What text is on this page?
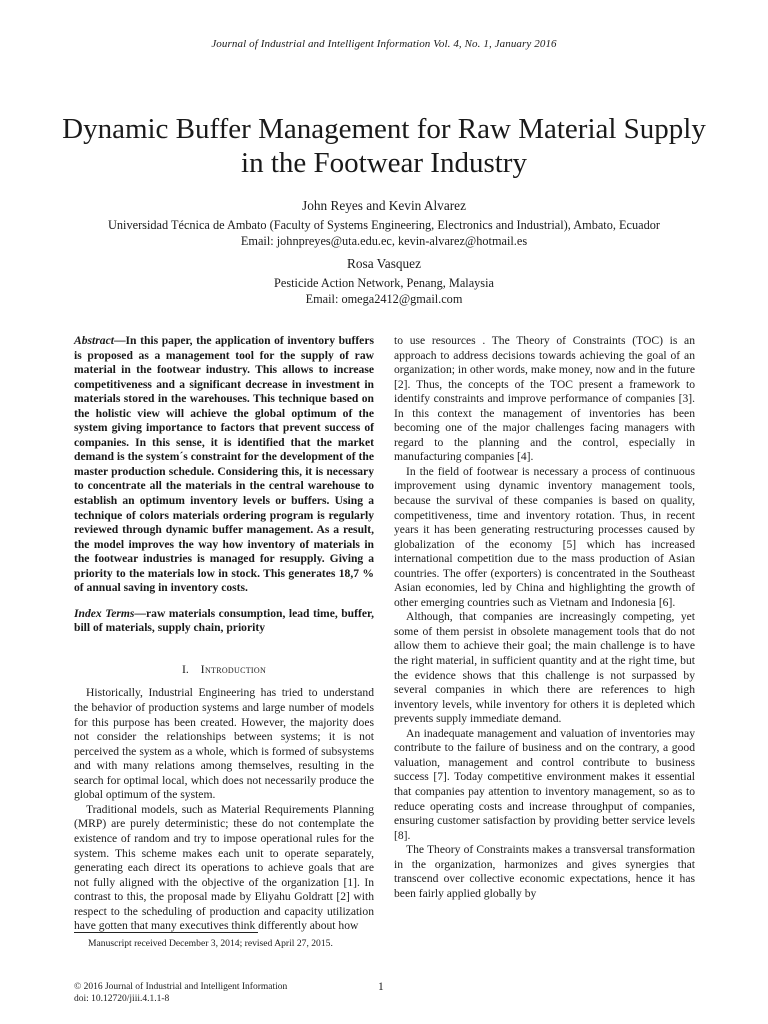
Journal of Industrial and Intelligent Information Vol. 4, No. 1, January 2016
Dynamic Buffer Management for Raw Material Supply in the Footwear Industry
John Reyes and Kevin Alvarez
Universidad Técnica de Ambato (Faculty of Systems Engineering, Electronics and Industrial), Ambato, Ecuador
Email: johnpreyes@uta.edu.ec, kevin-alvarez@hotmail.es
Rosa Vasquez
Pesticide Action Network, Penang, Malaysia
Email: omega2412@gmail.com

Abstract—In this paper, the application of inventory buffers is proposed as a management tool for the supply of raw material in the footwear industry. This allows to increase competitiveness and a significant decrease in investment in materials stored in the warehouses. This technique based on the holistic view will achieve the global optimum of the system giving importance to factors that prevent success of companies. In this sense, it is identified that the market demand is the system´s constraint for the development of the master production schedule. Considering this, it is necessary to concentrate all the materials in the central warehouse to establish an optimum inventory levels or buffers. Using a technique of colors materials ordering program is regularly reviewed through dynamic buffer management. As a result, the model improves the way how inventory of materials in the footwear industries is managed for resupply. Giving a priority to the materials low in stock. This generates 18,7 % of annual saving in inventory costs.

Index Terms—raw materials consumption, lead time, buffer, bill of materials, supply chain, priority

I. Introduction

Historically, Industrial Engineering has tried to understand the behavior of production systems and large number of models for this purpose has been created. However, the majority does not consider the relationships between systems; it is not perceived the system as a whole, which is formed of subsystems and with many relations among themselves, resulting in the search for optimal local, which does not necessarily produce the global optimum of the system.

Traditional models, such as Material Requirements Planning (MRP) are purely deterministic; these do not contemplate the existence of random and try to impose operational rules for the system. This scheme makes each unit to operate separately, generating each direct its operations to achieve goals that are not fully aligned with the objective of the organization [1]. In contrast to this, the proposal made by Eliyahu Goldratt [2] with respect to the scheduling of production and capacity utilization have gotten that many executives think differently about how

to use resources . The Theory of Constraints (TOC) is an approach to address decisions towards achieving the goal of an organization; in other words, make money, now and in the future [2]. Thus, the concepts of the TOC present a framework to identify constraints and improve performance of companies [3]. In this context the management of inventories has been becoming one of the major challenges facing managers with regard to the planning and the control, especially in manufacturing companies [4].

In the field of footwear is necessary a process of continuous improvement using dynamic inventory management tools, because the survival of these companies is based on quality, competitiveness, time and inventory rotation. Thus, in recent years it has been generating restructuring processes caused by globalization of the economy [5] which has increased international competition due to the mass production of Asian countries. The offer (exporters) is concentrated in the Southeast Asian economies, led by China and highlighting the growth of other emerging countries such as Vietnam and Indonesia [6].

Although, that companies are increasingly competing, yet some of them persist in obsolete management tools that do not allow them to achieve their goal; the main challenge is to have the right material, in sufficient quantity and at the right time, but the evidence shows that this challenge is not surpassed by several companies in which there are references to high inventory levels, while inventory for others it is depleted which prevents supply immediate demand.

An inadequate management and valuation of inventories may contribute to the failure of business and on the contrary, a good valuation, management and control contribute to business success [7]. Today competitive environment makes it essential that companies pay attention to inventory management, so as to reduce operating costs and increase throughput of companies, ensuring customer satisfaction by providing better service levels [8].

The Theory of Constraints makes a transversal transformation in the organization, harmonizes and gives synergies that transcend over collective economic expectations, hence it has been fairly applied globally by

Manuscript received December 3, 2014; revised April 27, 2015.
© 2016 Journal of Industrial and Intelligent Information
doi: 10.12720/jiii.4.1.1-8
1
